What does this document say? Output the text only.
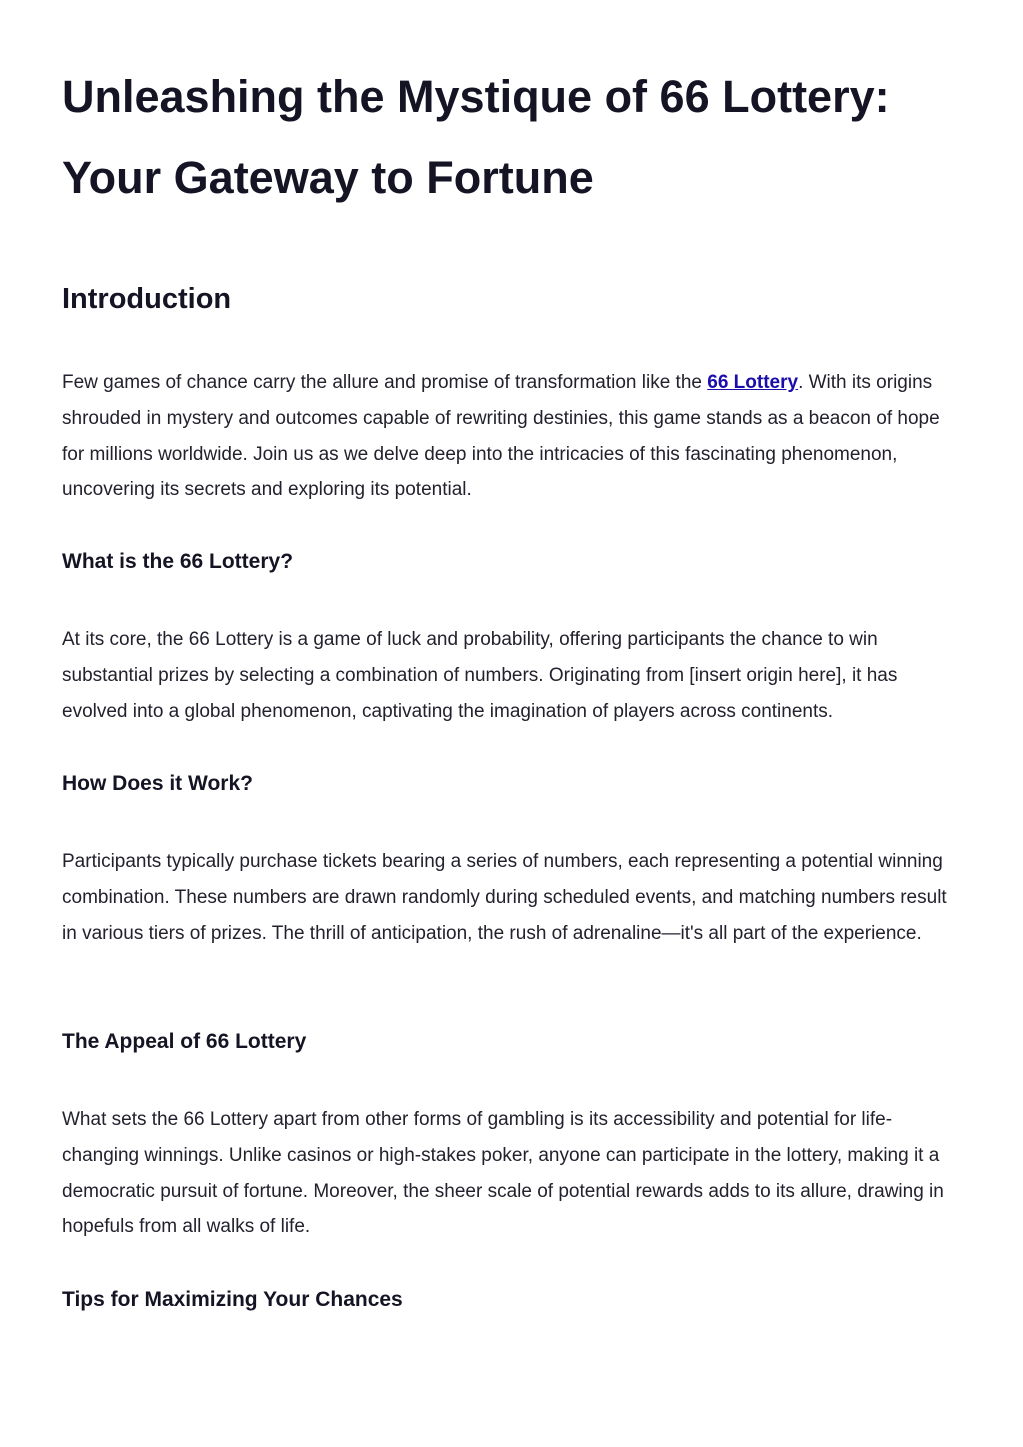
Unleashing the Mystique of 66 Lottery: Your Gateway to Fortune
Introduction

Few games of chance carry the allure and promise of transformation like the 66 Lottery. With its origins shrouded in mystery and outcomes capable of rewriting destinies, this game stands as a beacon of hope for millions worldwide. Join us as we delve deep into the intricacies of this fascinating phenomenon, uncovering its secrets and exploring its potential.

What is the 66 Lottery?

At its core, the 66 Lottery is a game of luck and probability, offering participants the chance to win substantial prizes by selecting a combination of numbers. Originating from [insert origin here], it has evolved into a global phenomenon, captivating the imagination of players across continents.

How Does it Work?

Participants typically purchase tickets bearing a series of numbers, each representing a potential winning combination. These numbers are drawn randomly during scheduled events, and matching numbers result in various tiers of prizes. The thrill of anticipation, the rush of adrenaline—it's all part of the experience.

The Appeal of 66 Lottery

What sets the 66 Lottery apart from other forms of gambling is its accessibility and potential for life-changing winnings. Unlike casinos or high-stakes poker, anyone can participate in the lottery, making it a democratic pursuit of fortune. Moreover, the sheer scale of potential rewards adds to its allure, drawing in hopefuls from all walks of life.

Tips for Maximizing Your Chances
